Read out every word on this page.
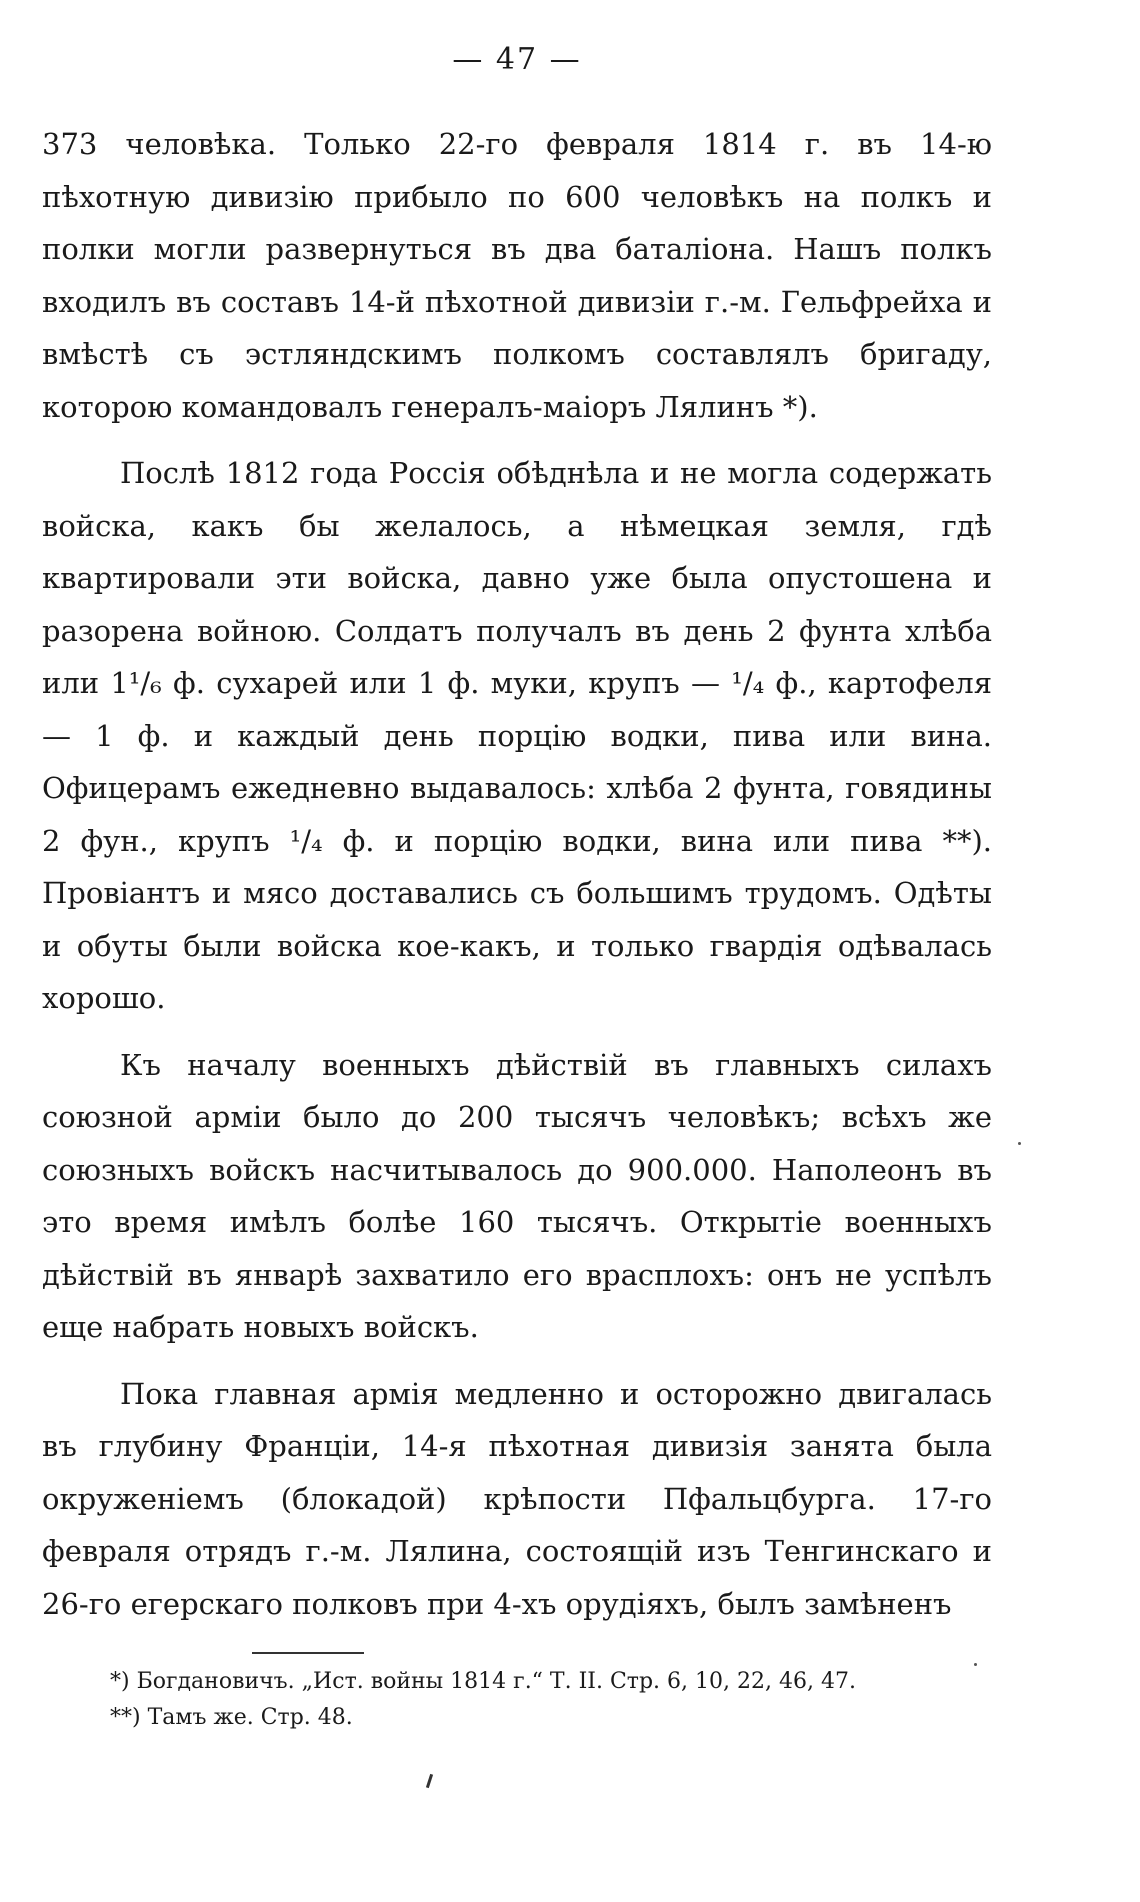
— 47 —

373 человѣка. Только 22-го февраля 1814 г. въ 14-ю пѣхотную дивизію прибыло по 600 человѣкъ на полкъ и полки могли развернуться въ два баталіона. Нашъ полкъ входилъ въ составъ 14-й пѣхотной дивизіи г.-м. Гельфрейха и вмѣстѣ съ эстляндскимъ полкомъ составлялъ бригаду, которою командовалъ генералъ-маіоръ Лялинъ *).

Послѣ 1812 года Россія обѣднѣла и не могла содержать войска, какъ бы желалось, а нѣмецкая земля, гдѣ квартировали эти войска, давно уже была опустошена и разорена войною. Солдатъ получалъ въ день 2 фунта хлѣба или 1¹/₆ ф. сухарей или 1 ф. муки, крупъ — ¹/₄ ф., картофеля — 1 ф. и каждый день порцію водки, пива или вина. Офицерамъ ежедневно выдавалось: хлѣба 2 фунта, говядины 2 фун., крупъ ¹/₄ ф. и порцію водки, вина или пива **). Провіантъ и мясо доставались съ большимъ трудомъ. Одѣты и обуты были войска кое-какъ, и только гвардія одѣвалась хорошо.

Къ началу военныхъ дѣйствій въ главныхъ силахъ союзной арміи было до 200 тысячъ человѣкъ; всѣхъ же союзныхъ войскъ насчитывалось до 900.000. Наполеонъ въ это время имѣлъ болѣе 160 тысячъ. Открытіе военныхъ дѣйствій въ январѣ захватило его врасплохъ: онъ не успѣлъ еще набрать новыхъ войскъ.

Пока главная армія медленно и осторожно двигалась въ глубину Франціи, 14-я пѣхотная дивизія занята была окруженіемъ (блокадой) крѣпости Пфальцбурга. 17-го февраля отрядъ г.-м. Лялина, состоящій изъ Тенгинскаго и 26-го егерскаго полковъ при 4-хъ орудіяхъ, былъ замѣненъ

*) Богдановичъ. „Ист. войны 1814 г.“ Т. II. Стр. 6, 10, 22, 46, 47.

**) Тамъ же. Стр. 48.
